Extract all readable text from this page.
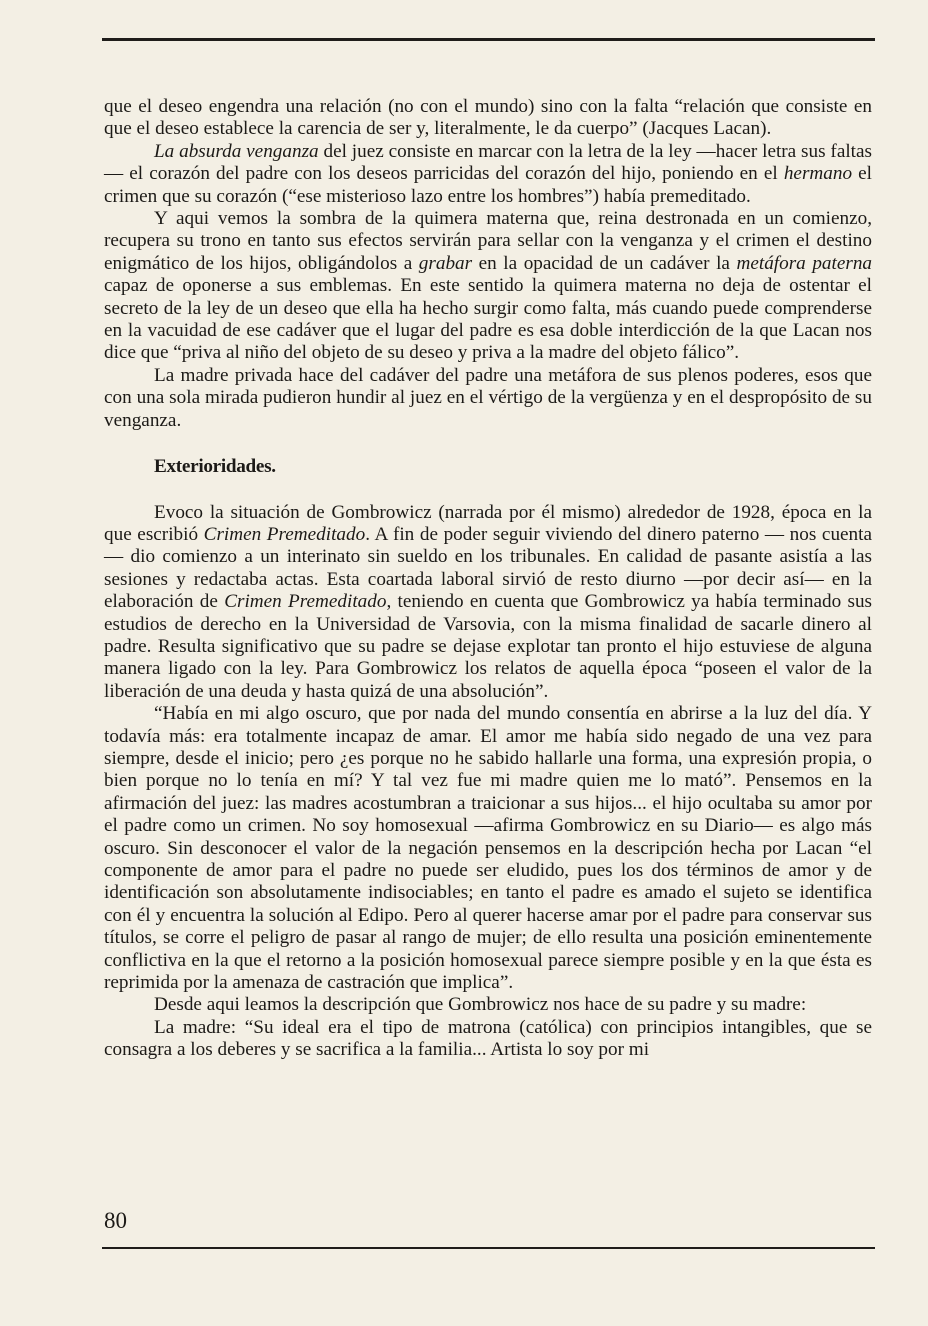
que el deseo engendra una relación (no con el mundo) sino con la falta “relación que consiste en que el deseo establece la carencia de ser y, literalmente, le da cuerpo” (Jacques Lacan).

La absurda venganza del juez consiste en marcar con la letra de la ley —hacer letra sus faltas— el corazón del padre con los deseos parricidas del corazón del hijo, poniendo en el hermano el crimen que su corazón (“ese misterioso lazo entre los hombres”) había premeditado.

Y aqui vemos la sombra de la quimera materna que, reina destronada en un comienzo, recupera su trono en tanto sus efectos servirán para sellar con la venganza y el crimen el destino enigmático de los hijos, obligándolos a grabar en la opacidad de un cadáver la metáfora paterna capaz de oponerse a sus emblemas. En este sentido la quimera materna no deja de ostentar el secreto de la ley de un deseo que ella ha hecho surgir como falta, más cuando puede comprenderse en la vacuidad de ese cadáver que el lugar del padre es esa doble interdicción de la que Lacan nos dice que “priva al niño del objeto de su deseo y priva a la madre del objeto fálico”.

La madre privada hace del cadáver del padre una metáfora de sus plenos poderes, esos que con una sola mirada pudieron hundir al juez en el vértigo de la vergüenza y en el despropósito de su venganza.

Exterioridades.

Evoco la situación de Gombrowicz (narrada por él mismo) alrededor de 1928, época en la que escribió Crimen Premeditado. A fin de poder seguir viviendo del dinero paterno — nos cuenta— dio comienzo a un interinato sin sueldo en los tribunales. En calidad de pasante asistía a las sesiones y redactaba actas. Esta coartada laboral sirvió de resto diurno —por decir así— en la elaboración de Crimen Premeditado, teniendo en cuenta que Gombrowicz ya había terminado sus estudios de derecho en la Universidad de Varsovia, con la misma finalidad de sacarle dinero al padre. Resulta significativo que su padre se dejase explotar tan pronto el hijo estuviese de alguna manera ligado con la ley. Para Gombrowicz los relatos de aquella época “poseen el valor de la liberación de una deuda y hasta quizá de una absolución”.

“Había en mi algo oscuro, que por nada del mundo consentía en abrirse a la luz del día. Y todavía más: era totalmente incapaz de amar. El amor me había sido negado de una vez para siempre, desde el inicio; pero ¿es porque no he sabido hallarle una forma, una expresión propia, o bien porque no lo tenía en mí? Y tal vez fue mi madre quien me lo mató”. Pensemos en la afirmación del juez: las madres acostumbran a traicionar a sus hijos... el hijo ocultaba su amor por el padre como un crimen. No soy homosexual —afirma Gombrowicz en su Diario— es algo más oscuro. Sin desconocer el valor de la negación pensemos en la descripción hecha por Lacan “el componente de amor para el padre no puede ser eludido, pues los dos términos de amor y de identificación son absolutamente indisociables; en tanto el padre es amado el sujeto se identifica con él y encuentra la solución al Edipo. Pero al querer hacerse amar por el padre para conservar sus títulos, se corre el peligro de pasar al rango de mujer; de ello resulta una posición eminentemente conflictiva en la que el retorno a la posición homosexual parece siempre posible y en la que ésta es reprimida por la amenaza de castración que implica”.

Desde aqui leamos la descripción que Gombrowicz nos hace de su padre y su madre:

La madre: “Su ideal era el tipo de matrona (católica) con principios intangibles, que se consagra a los deberes y se sacrifica a la familia... Artista lo soy por mi

80
